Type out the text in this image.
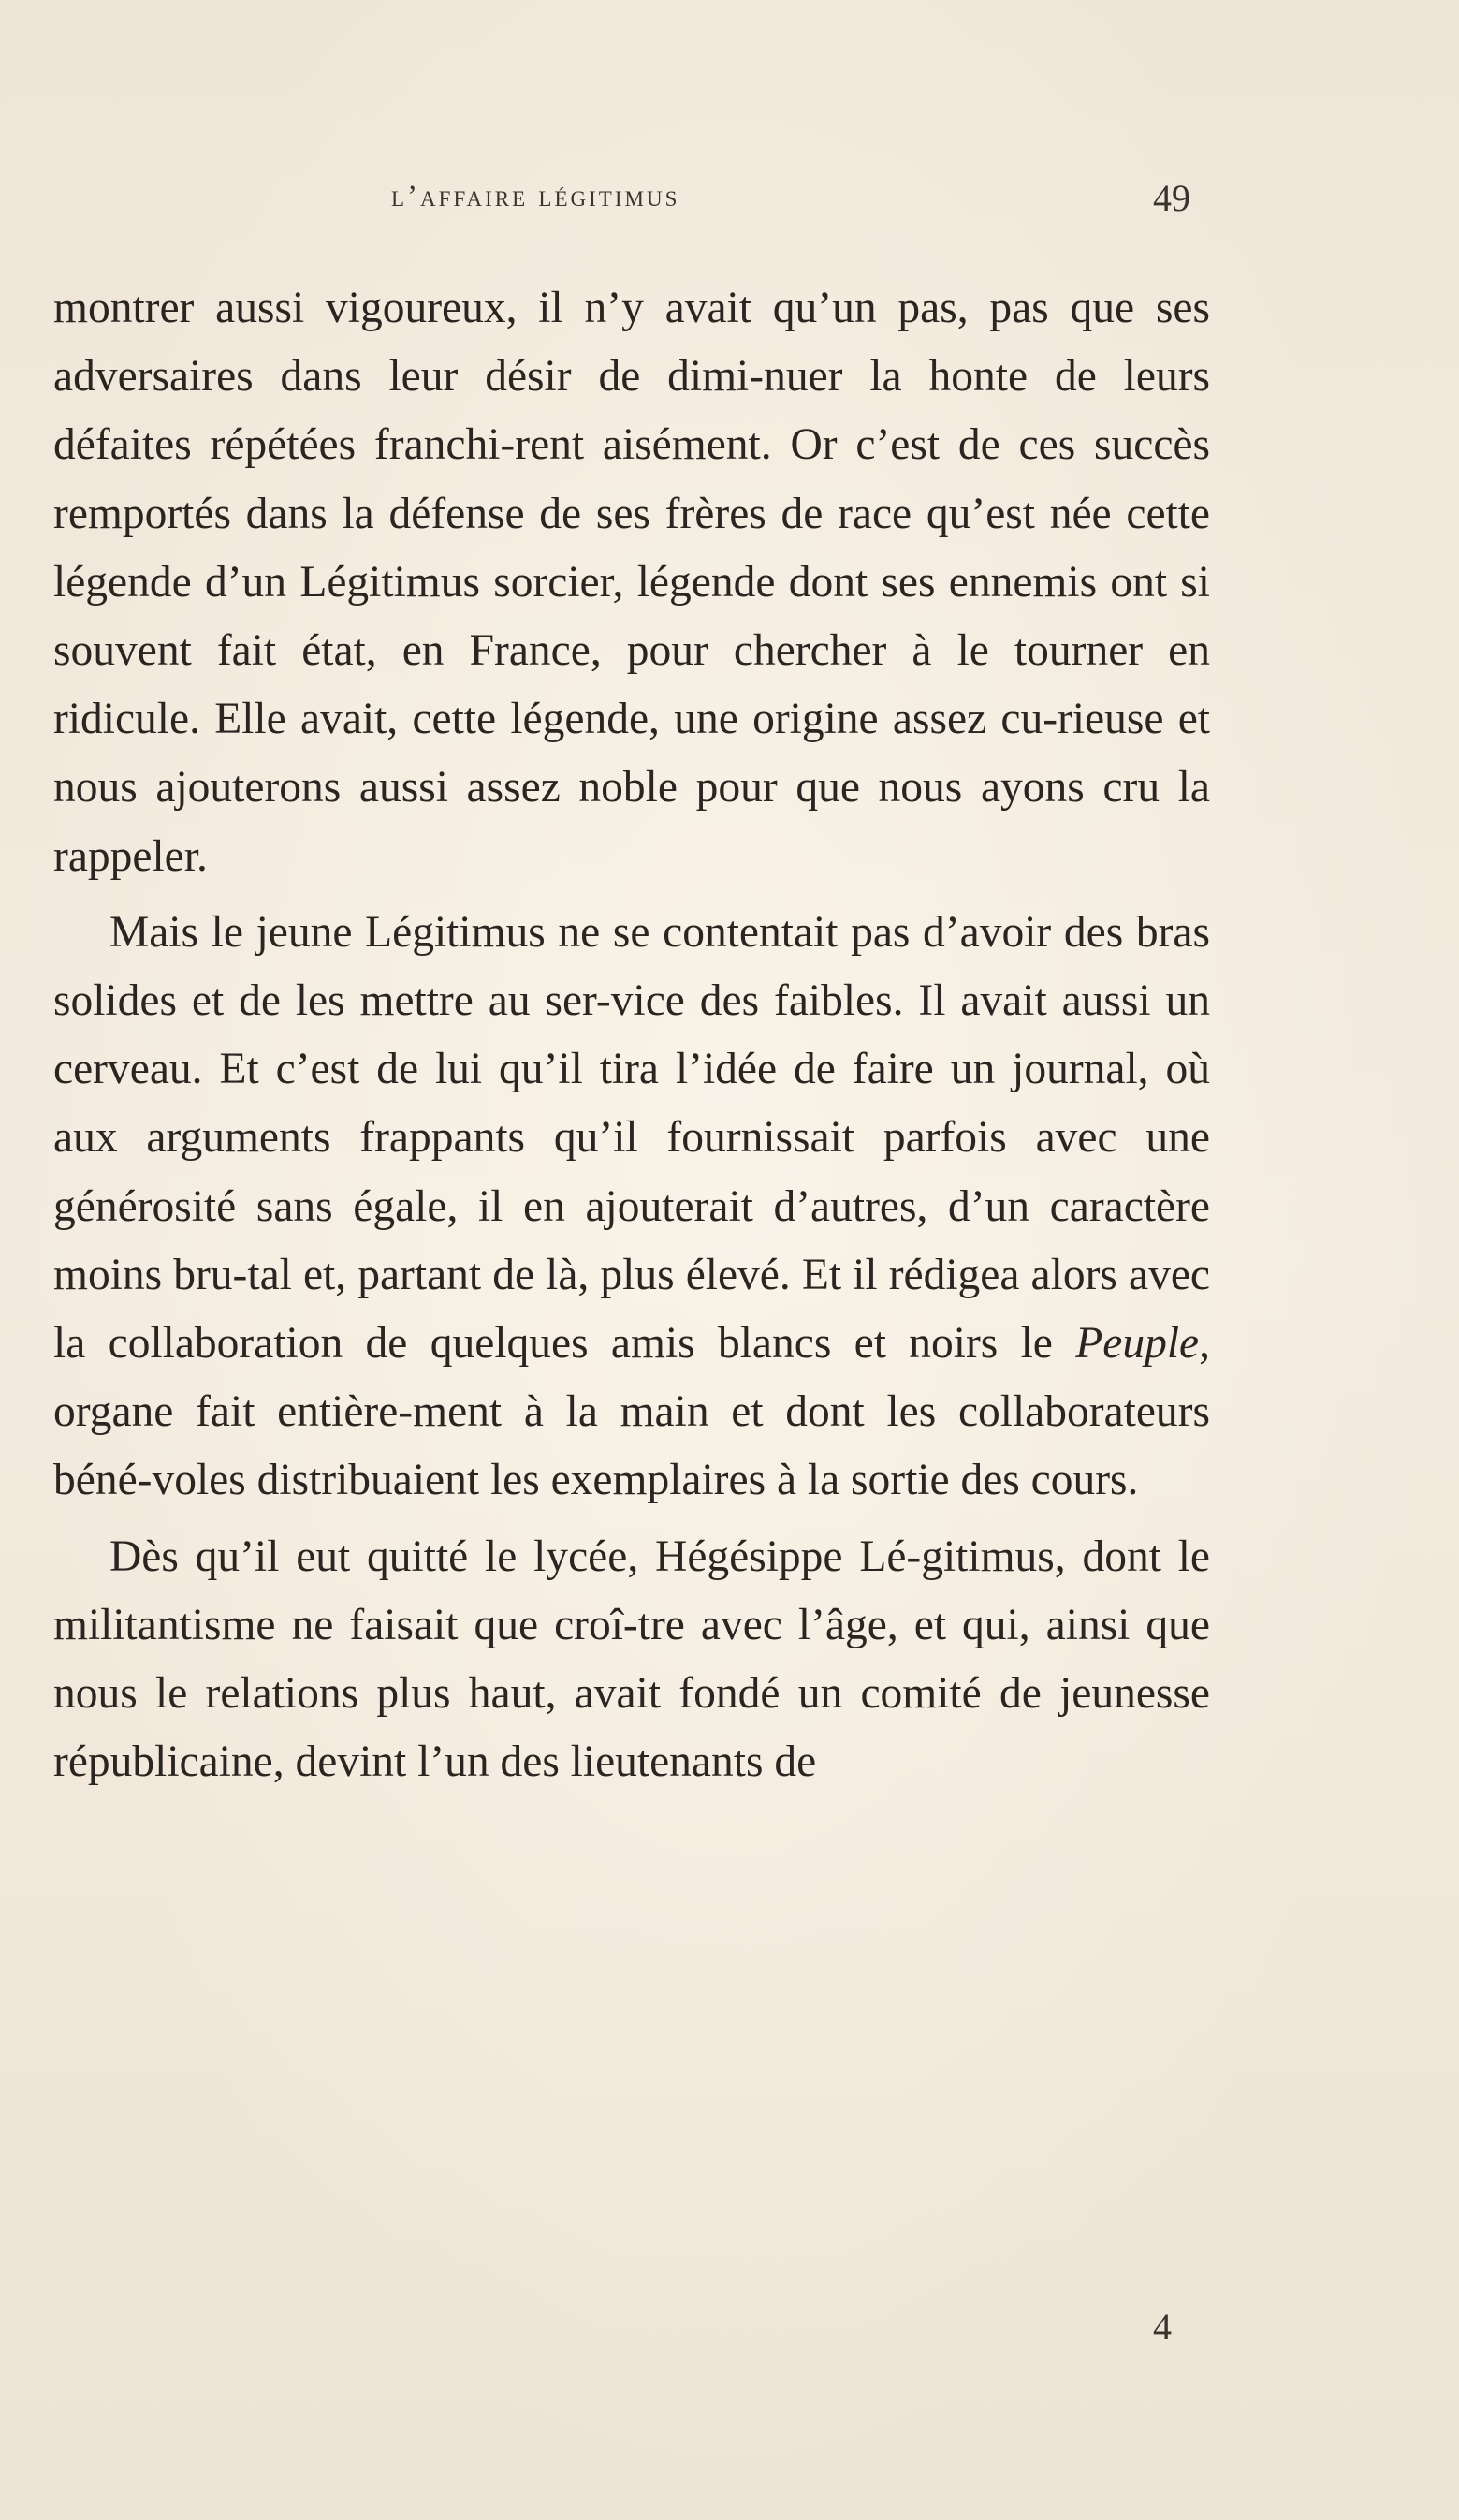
l’affaire légitimus	49

montrer aussi vigoureux, il n’y avait qu’un pas, pas que ses adversaires dans leur désir de dimi-nuer la honte de leurs défaites répétées franchi-rent aisément. Or c’est de ces succès remportés dans la défense de ses frères de race qu’est née cette légende d’un Légitimus sorcier, légende dont ses ennemis ont si souvent fait état, en France, pour chercher à le tourner en ridicule. Elle avait, cette légende, une origine assez cu-rieuse et nous ajouterons aussi assez noble pour que nous ayons cru la rappeler.

Mais le jeune Légitimus ne se contentait pas d’avoir des bras solides et de les mettre au ser-vice des faibles. Il avait aussi un cerveau. Et c’est de lui qu’il tira l’idée de faire un journal, où aux arguments frappants qu’il fournissait parfois avec une générosité sans égale, il en ajouterait d’autres, d’un caractère moins bru-tal et, partant de là, plus élevé. Et il rédigea alors avec la collaboration de quelques amis blancs et noirs le Peuple, organe fait entière-ment à la main et dont les collaborateurs béné-voles distribuaient les exemplaires à la sortie des cours.

Dès qu’il eut quitté le lycée, Hégésippe Lé-gitimus, dont le militantisme ne faisait que croî-tre avec l’âge, et qui, ainsi que nous le relations plus haut, avait fondé un comité de jeunesse républicaine, devint l’un des lieutenants de

4
